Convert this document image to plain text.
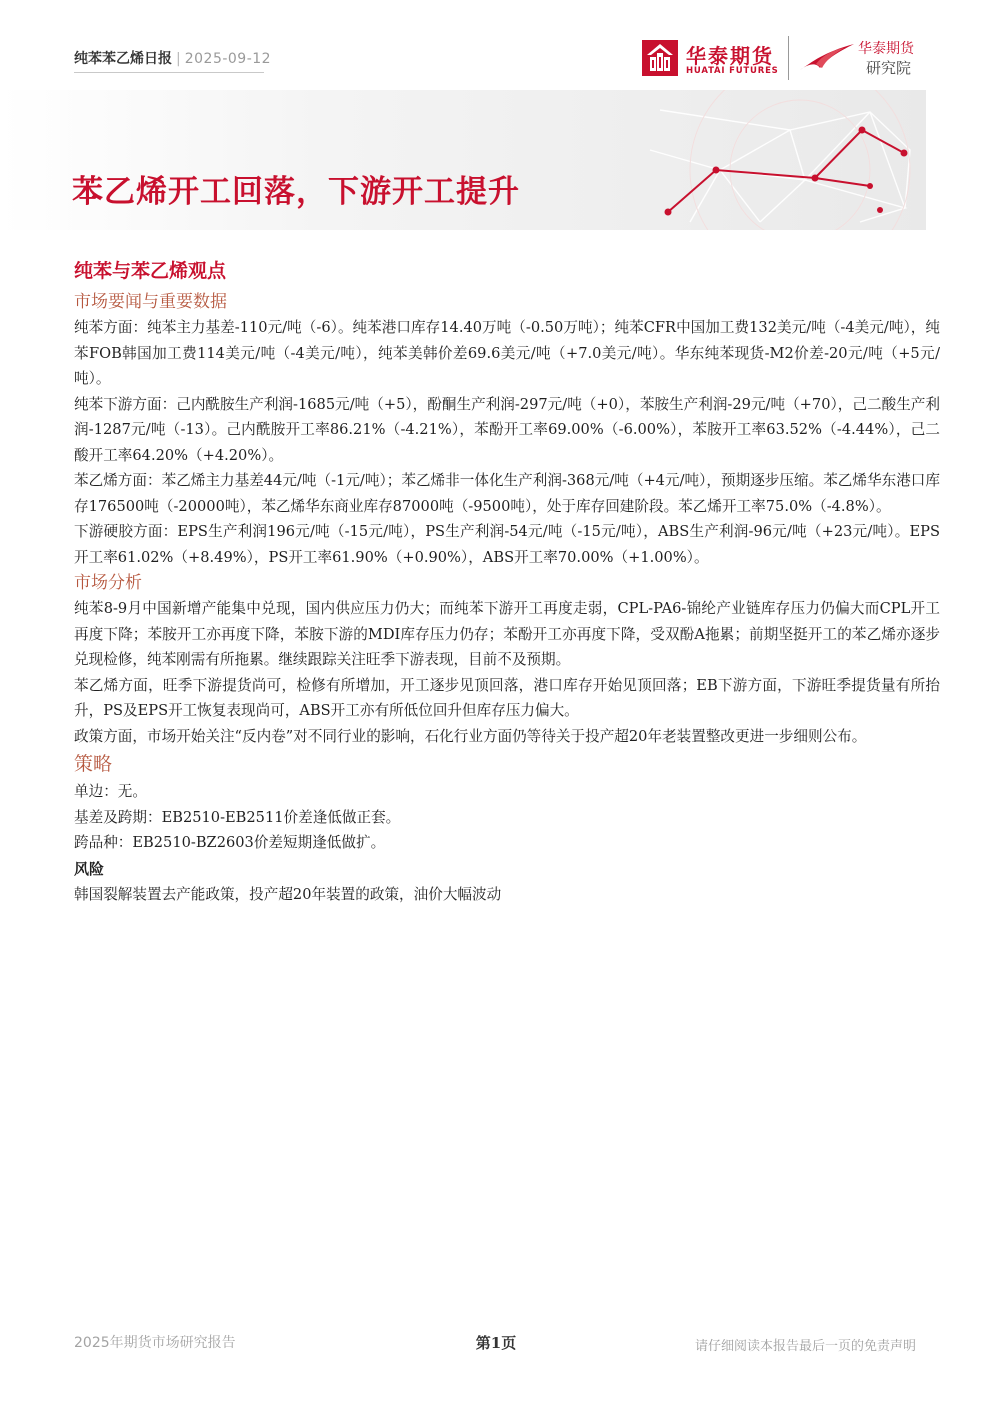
纯苯苯乙烯日报 | 2025-09-12	华泰期货
HUATAI FUTURES
华泰期货
研究院
苯乙烯开工回落，下游开工提升
纯苯与苯乙烯观点
市场要闻与重要数据
纯苯方面：纯苯主力基差-110元/吨（-6）。纯苯港口库存14.40万吨（-0.50万吨）；纯苯CFR中国加工费132美元/吨（-4美元/吨），纯苯FOB韩国加工费114美元/吨（-4美元/吨），纯苯美韩价差69.6美元/吨（+7.0美元/吨）。华东纯苯现货-M2价差-20元/吨（+5元/吨）。
纯苯下游方面：己内酰胺生产利润-1685元/吨（+5），酚酮生产利润-297元/吨（+0），苯胺生产利润-29元/吨（+70），己二酸生产利润-1287元/吨（-13）。己内酰胺开工率86.21%（-4.21%），苯酚开工率69.00%（-6.00%），苯胺开工率63.52%（-4.44%），己二酸开工率64.20%（+4.20%）。
苯乙烯方面：苯乙烯主力基差44元/吨（-1元/吨）；苯乙烯非一体化生产利润-368元/吨（+4元/吨），预期逐步压缩。苯乙烯华东港口库存176500吨（-20000吨），苯乙烯华东商业库存87000吨（-9500吨），处于库存回建阶段。苯乙烯开工率75.0%（-4.8%）。
下游硬胶方面：EPS生产利润196元/吨（-15元/吨），PS生产利润-54元/吨（-15元/吨），ABS生产利润-96元/吨（+23元/吨）。EPS开工率61.02%（+8.49%），PS开工率61.90%（+0.90%），ABS开工率70.00%（+1.00%）。
市场分析
纯苯8-9月中国新增产能集中兑现，国内供应压力仍大；而纯苯下游开工再度走弱，CPL-PA6-锦纶产业链库存压力仍偏大而CPL开工再度下降；苯胺开工亦再度下降，苯胺下游的MDI库存压力仍存；苯酚开工亦再度下降，受双酚A拖累；前期坚挺开工的苯乙烯亦逐步兑现检修，纯苯刚需有所拖累。继续跟踪关注旺季下游表现，目前不及预期。
苯乙烯方面，旺季下游提货尚可，检修有所增加，开工逐步见顶回落，港口库存开始见顶回落；EB下游方面，下游旺季提货量有所抬升，PS及EPS开工恢复表现尚可，ABS开工亦有所低位回升但库存压力偏大。
政策方面，市场开始关注“反内卷”对不同行业的影响，石化行业方面仍等待关于投产超20年老装置整改更进一步细则公布。
策略
单边：无。
基差及跨期：EB2510-EB2511价差逢低做正套。
跨品种：EB2510-BZ2603价差短期逢低做扩。
风险
韩国裂解装置去产能政策，投产超20年装置的政策，油价大幅波动
2025年期货市场研究报告	第1页	请仔细阅读本报告最后一页的免责声明
